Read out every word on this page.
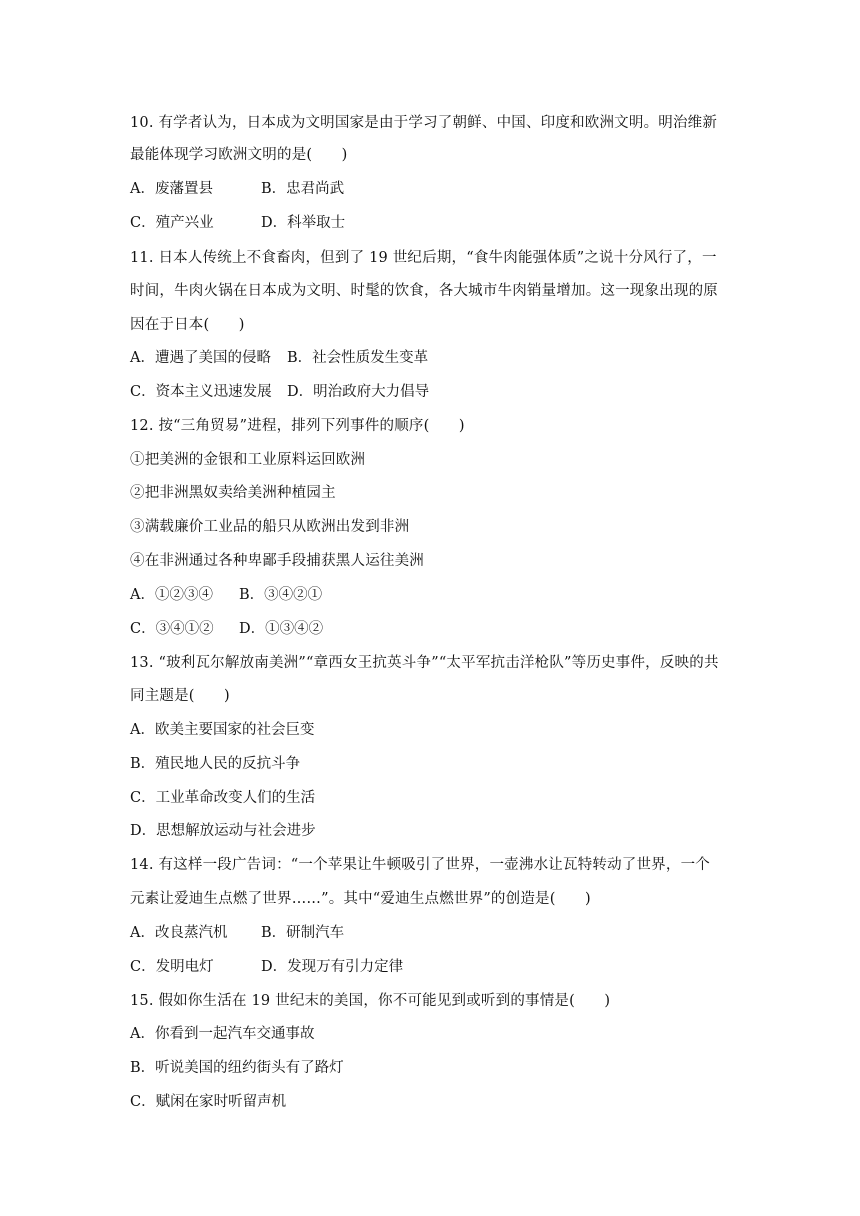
10. 有学者认为，日本成为文明国家是由于学习了朝鲜、中国、印度和欧洲文明。明治维新
最能体现学习欧洲文明的是(　　)
A．废藩置县	B．忠君尚武
C．殖产兴业	D．科举取士
11. 日本人传统上不食畜肉，但到了 19 世纪后期，“食牛肉能强体质”之说十分风行了，一
时间，牛肉火锅在日本成为文明、时髦的饮食，各大城市牛肉销量增加。这一现象出现的原
因在于日本(　　)
A．遭遇了美国的侵略 B．社会性质发生变革
C．资本主义迅速发展 D．明治政府大力倡导
12. 按“三角贸易”进程，排列下列事件的顺序(　　)
①把美洲的金银和工业原料运回欧洲
②把非洲黑奴卖给美洲种植园主
③满载廉价工业品的船只从欧洲出发到非洲
④在非洲通过各种卑鄙手段捕获黑人运往美洲
A．①②③④ B．③④②①
C．③④①② D．①③④②
13. “玻利瓦尔解放南美洲”“章西女王抗英斗争”“太平军抗击洋枪队”等历史事件，反映的共
同主题是(　　)
A．欧美主要国家的社会巨变
B．殖民地人民的反抗斗争
C．工业革命改变人们的生活
D．思想解放运动与社会进步
14. 有这样一段广告词：“一个苹果让牛顿吸引了世界，一壶沸水让瓦特转动了世界，一个
元素让爱迪生点燃了世界……”。其中“爱迪生点燃世界”的创造是(　　)
A．改良蒸汽机 B．研制汽车
C．发明电灯	D．发现万有引力定律
15. 假如你生活在 19 世纪末的美国，你不可能见到或听到的事情是(　　)
A．你看到一起汽车交通事故
B．听说美国的纽约街头有了路灯
C．赋闲在家时听留声机
